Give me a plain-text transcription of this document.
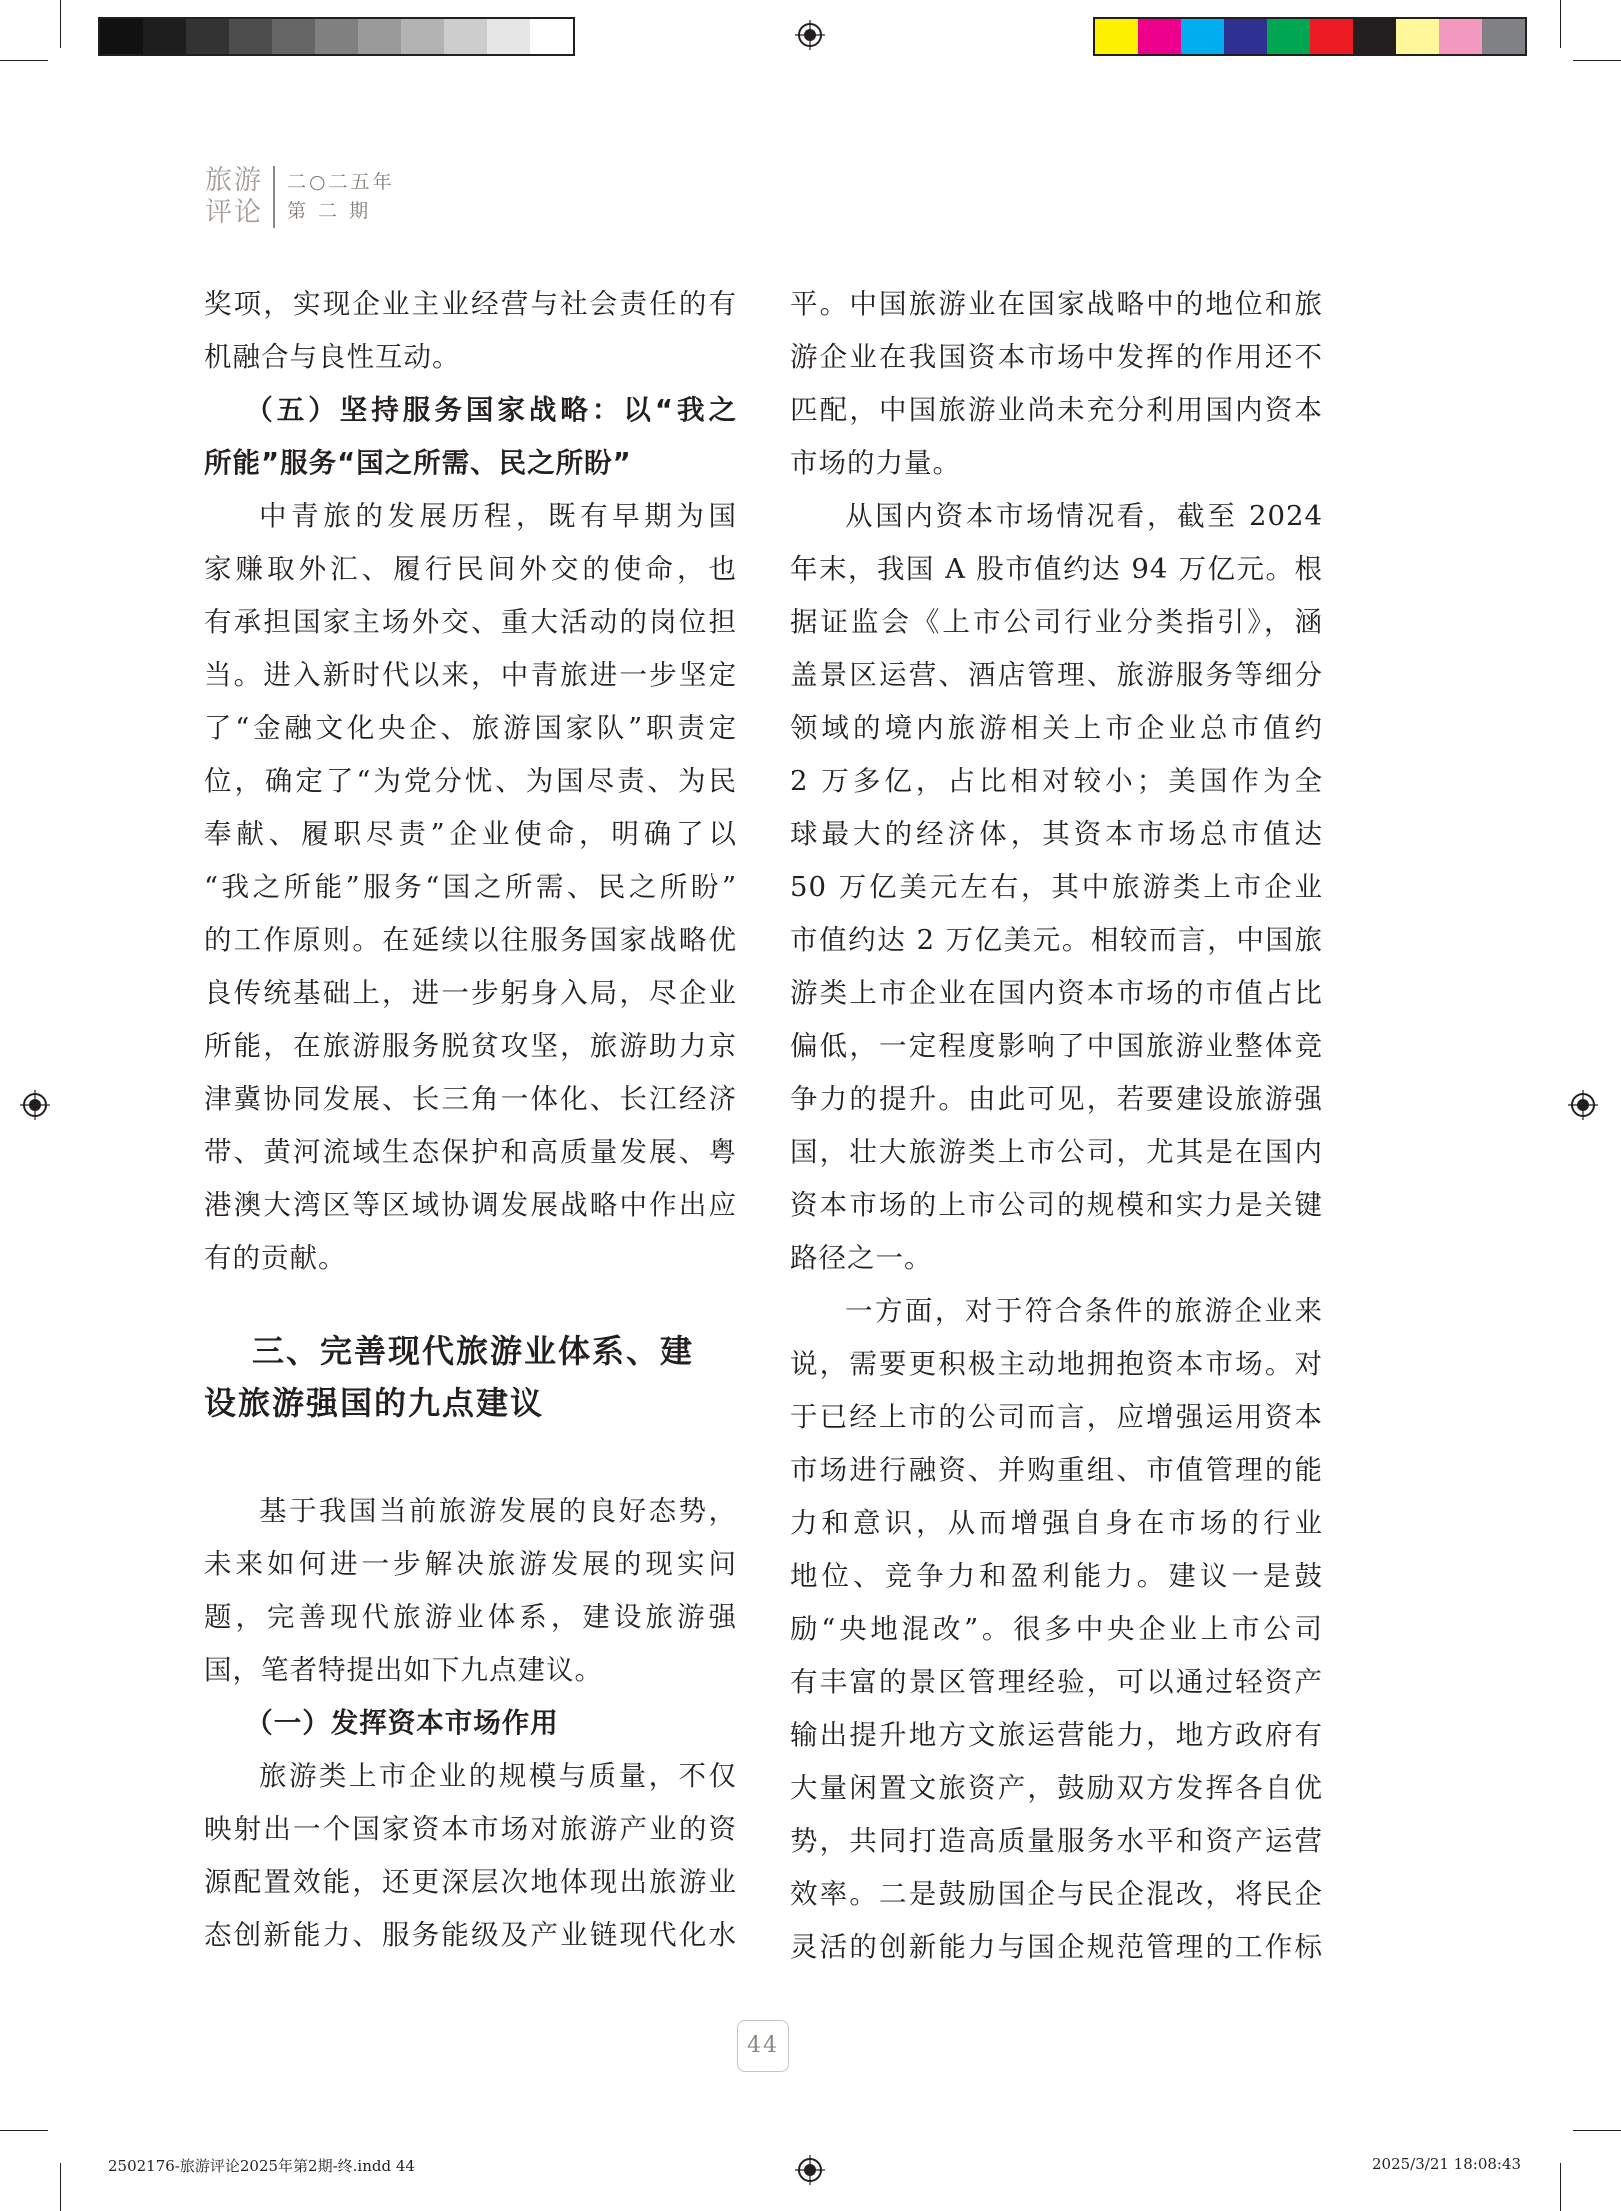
旅游
评论
二○二五年
第 二 期

奖项，实现企业主业经营与社会责任的有

机融合与良性互动。

（五）坚持服务国家战略：以“我之
所能”服务“国之所需、民之所盼”

中青旅的发展历程，既有早期为国

家赚取外汇、履行民间外交的使命，也

有承担国家主场外交、重大活动的岗位担

当。进入新时代以来，中青旅进一步坚定

了“金融文化央企、旅游国家队”职责定

位，确定了“为党分忧、为国尽责、为民

奉献、履职尽责”企业使命，明确了以

“我之所能”服务“国之所需、民之所盼”

的工作原则。在延续以往服务国家战略优

良传统基础上，进一步躬身入局，尽企业

所能，在旅游服务脱贫攻坚，旅游助力京

津冀协同发展、长三角一体化、长江经济

带、黄河流域生态保护和高质量发展、粤

港澳大湾区等区域协调发展战略中作出应

有的贡献。

三、完善现代旅游业体系、建
设旅游强国的九点建议

基于我国当前旅游发展的良好态势，

未来如何进一步解决旅游发展的现实问

题，完善现代旅游业体系，建设旅游强

国，笔者特提出如下九点建议。

（一）发挥资本市场作用

旅游类上市企业的规模与质量，不仅

映射出一个国家资本市场对旅游产业的资

源配置效能，还更深层次地体现出旅游业

态创新能力、服务能级及产业链现代化水

平。中国旅游业在国家战略中的地位和旅

游企业在我国资本市场中发挥的作用还不

匹配，中国旅游业尚未充分利用国内资本

市场的力量。

从国内资本市场情况看，截至 2024

年末，我国 A 股市值约达 94 万亿元。根

据证监会《上市公司行业分类指引》，涵

盖景区运营、酒店管理、旅游服务等细分

领域的境内旅游相关上市企业总市值约

2 万多亿，占比相对较小；美国作为全

球最大的经济体，其资本市场总市值达

50 万亿美元左右，其中旅游类上市企业

市值约达 2 万亿美元。相较而言，中国旅

游类上市企业在国内资本市场的市值占比

偏低，一定程度影响了中国旅游业整体竞

争力的提升。由此可见，若要建设旅游强

国，壮大旅游类上市公司，尤其是在国内

资本市场的上市公司的规模和实力是关键

路径之一。

一方面，对于符合条件的旅游企业来

说，需要更积极主动地拥抱资本市场。对

于已经上市的公司而言，应增强运用资本

市场进行融资、并购重组、市值管理的能

力和意识，从而增强自身在市场的行业

地位、竞争力和盈利能力。建议一是鼓

励“央地混改”。很多中央企业上市公司

有丰富的景区管理经验，可以通过轻资产

输出提升地方文旅运营能力，地方政府有

大量闲置文旅资产，鼓励双方发挥各自优

势，共同打造高质量服务水平和资产运营

效率。二是鼓励国企与民企混改，将民企

灵活的创新能力与国企规范管理的工作标

44
2502176-旅游评论2025年第2期-终.indd 44	2025/3/21 18:08:43
